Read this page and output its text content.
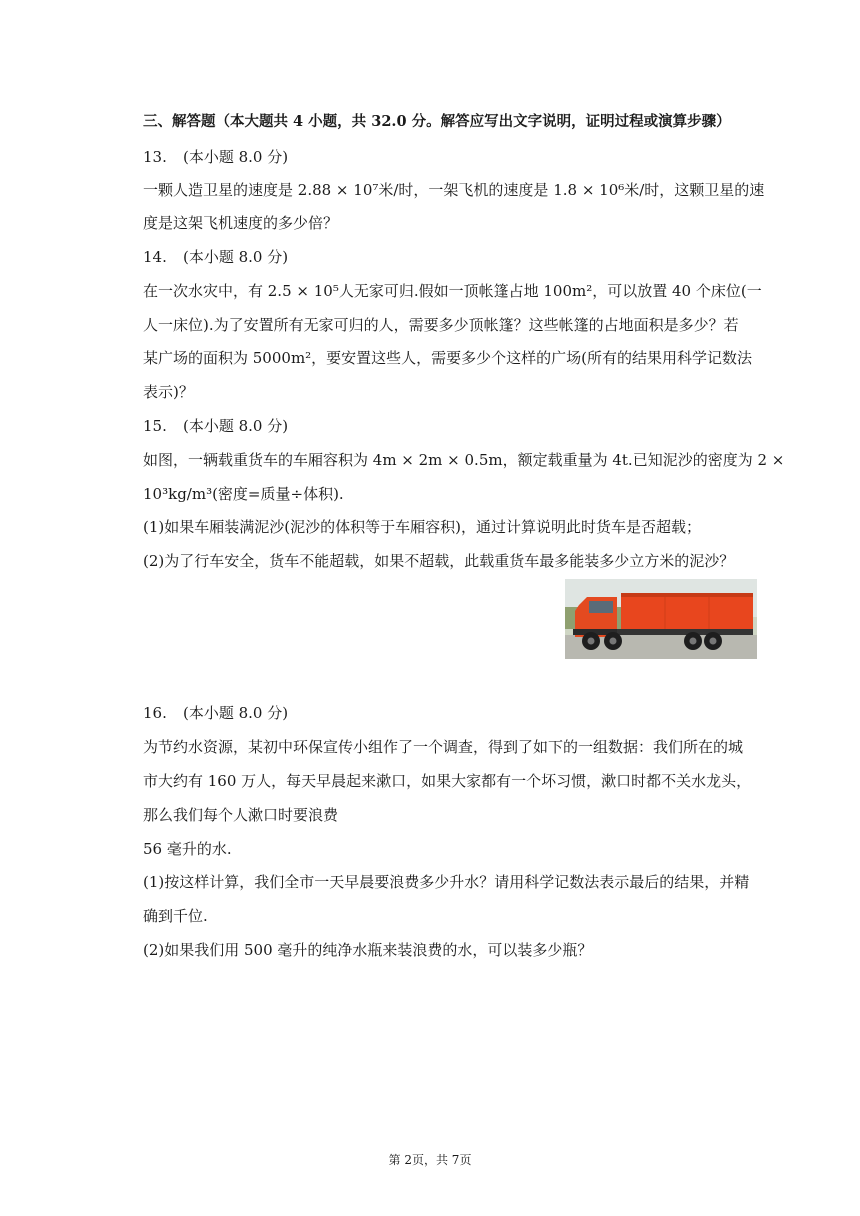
三、解答题（本大题共 4 小题，共 32.0 分。解答应写出文字说明，证明过程或演算步骤）
13. (本小题 8.0 分)
一颗人造卫星的速度是 2.88 × 10⁷米/时，一架飞机的速度是 1.8 × 10⁶米/时，这颗卫星的速
度是这架飞机速度的多少倍？
14. (本小题 8.0 分)
在一次水灾中，有 2.5 × 10⁵人无家可归.假如一顶帐篷占地 100m²，可以放置 40 个床位(一
人一床位).为了安置所有无家可归的人，需要多少顶帐篷？这些帐篷的占地面积是多少？若
某广场的面积为 5000m²，要安置这些人，需要多少个这样的广场(所有的结果用科学记数法
表示)？
15. (本小题 8.0 分)
如图，一辆载重货车的车厢容积为 4m × 2m × 0.5m，额定载重量为 4t.已知泥沙的密度为 2 ×
10³kg/m³(密度=质量÷体积).
(1)如果车厢装满泥沙(泥沙的体积等于车厢容积)，通过计算说明此时货车是否超载；
(2)为了行车安全，货车不能超载，如果不超载，此载重货车最多能装多少立方米的泥沙？
16. (本小题 8.0 分)
为节约水资源，某初中环保宣传小组作了一个调查，得到了如下的一组数据：我们所在的城
市大约有 160 万人，每天早晨起来漱口，如果大家都有一个坏习惯，漱口时都不关水龙头，
那么我们每个人漱口时要浪费
56 毫升的水.
(1)按这样计算，我们全市一天早晨要浪费多少升水？请用科学记数法表示最后的结果，并精
确到千位.
(2)如果我们用 500 毫升的纯净水瓶来装浪费的水，可以装多少瓶？
第 2页，共 7页
